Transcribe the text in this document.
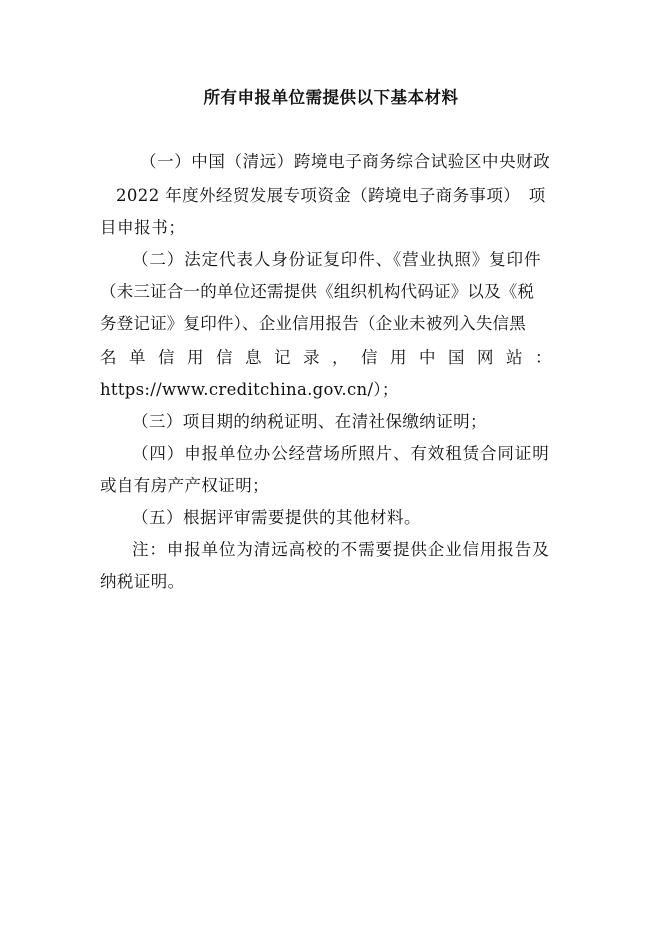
所有申报单位需提供以下基本材料
（一）中国（清远）跨境电子商务综合试验区中央财政
2022 年度外经贸发展专项资金（跨境电子商务事项）　项
目申报书；
（二）法定代表人身份证复印件、《营业执照》复印件
（未三证合一的单位还需提供《组织机构代码证》以及《税
务登记证》复印件）、企业信用报告（企业未被列入失信黑
名单信用信息记录，信用中国网站：
https://www.creditchina.gov.cn/）；
（三）项目期的纳税证明、在清社保缴纳证明；
（四）申报单位办公经营场所照片、有效租赁合同证明
或自有房产产权证明；
（五）根据评审需要提供的其他材料。
注：申报单位为清远高校的不需要提供企业信用报告及
纳税证明。
